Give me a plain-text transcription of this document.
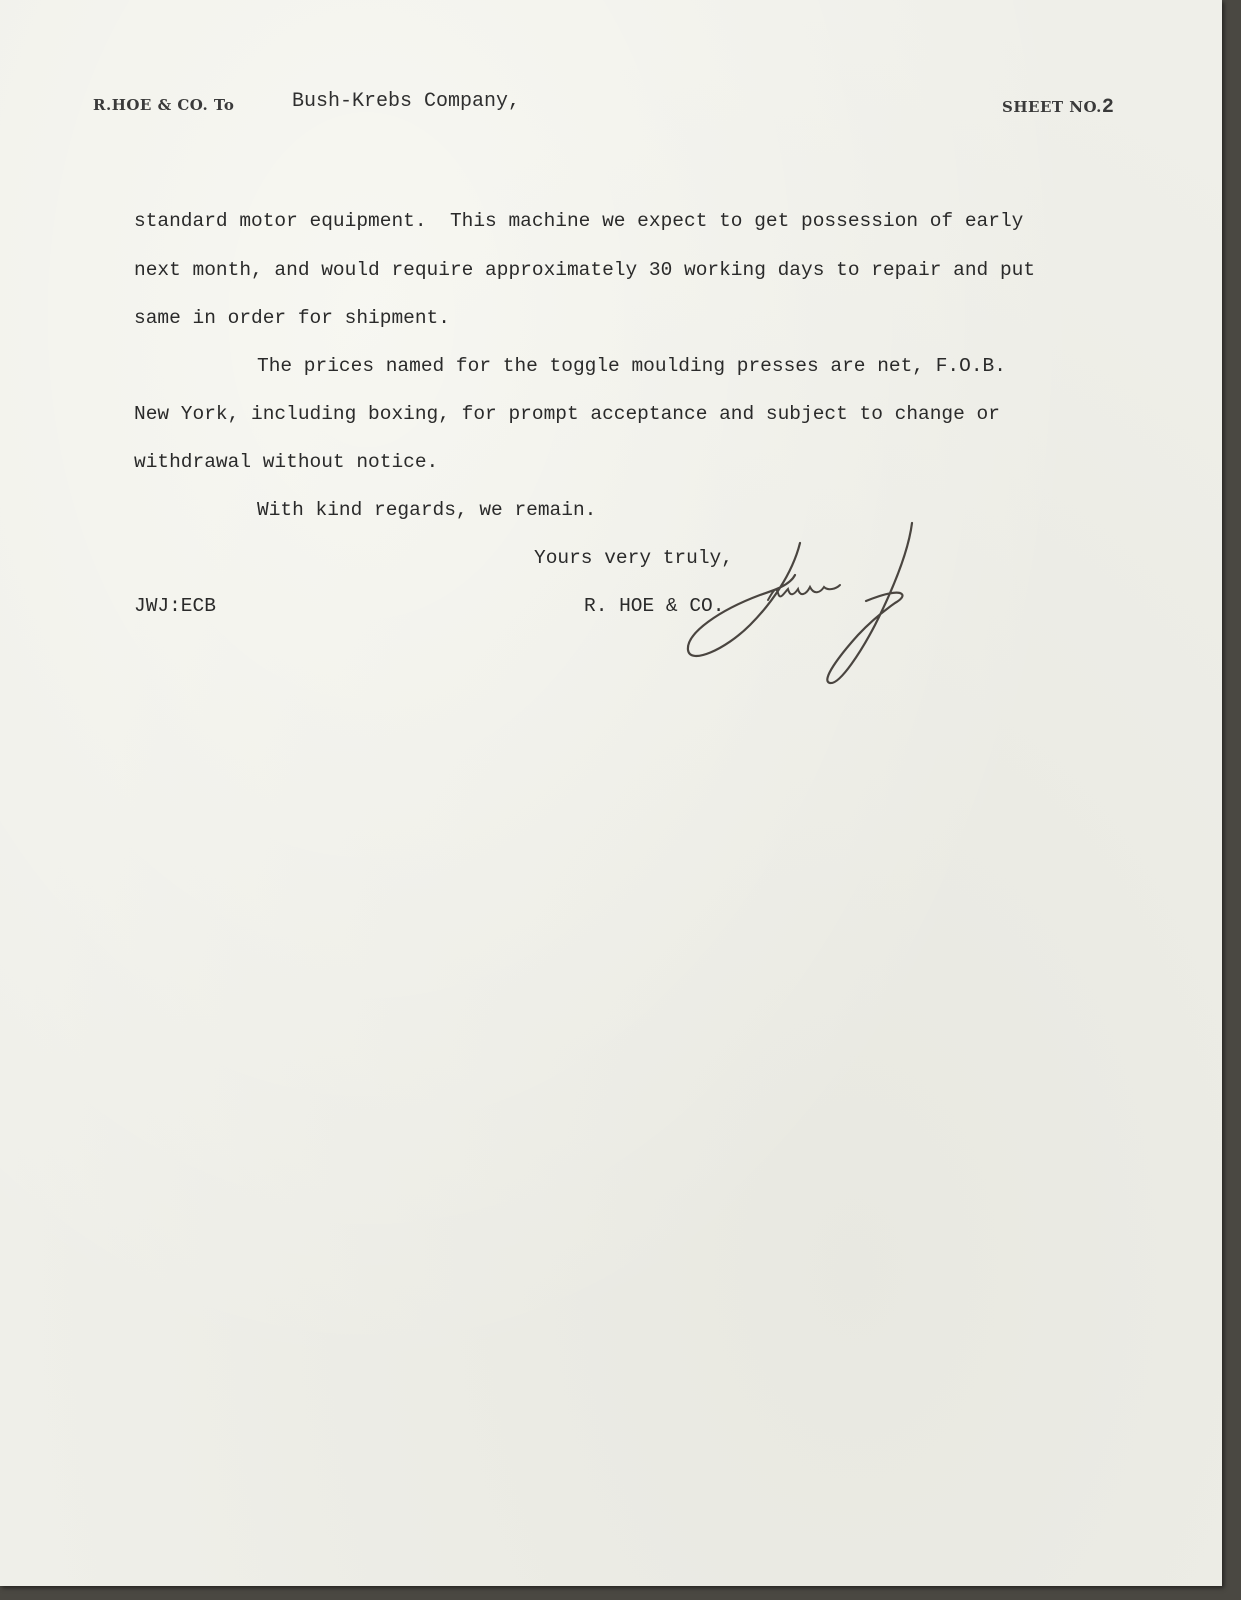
R.HOE & CO. To	Bush-Krebs Company,	SHEET NO.2
standard motor equipment.  This machine we expect to get possession of early
next month, and would require approximately 30 working days to repair and put
same in order for shipment.
The prices named for the toggle moulding presses are net, F.O.B.
New York, including boxing, for prompt acceptance and subject to change or
withdrawal without notice.
With kind regards, we remain.
Yours very truly,
JWJ:ECB	R. HOE & CO.
